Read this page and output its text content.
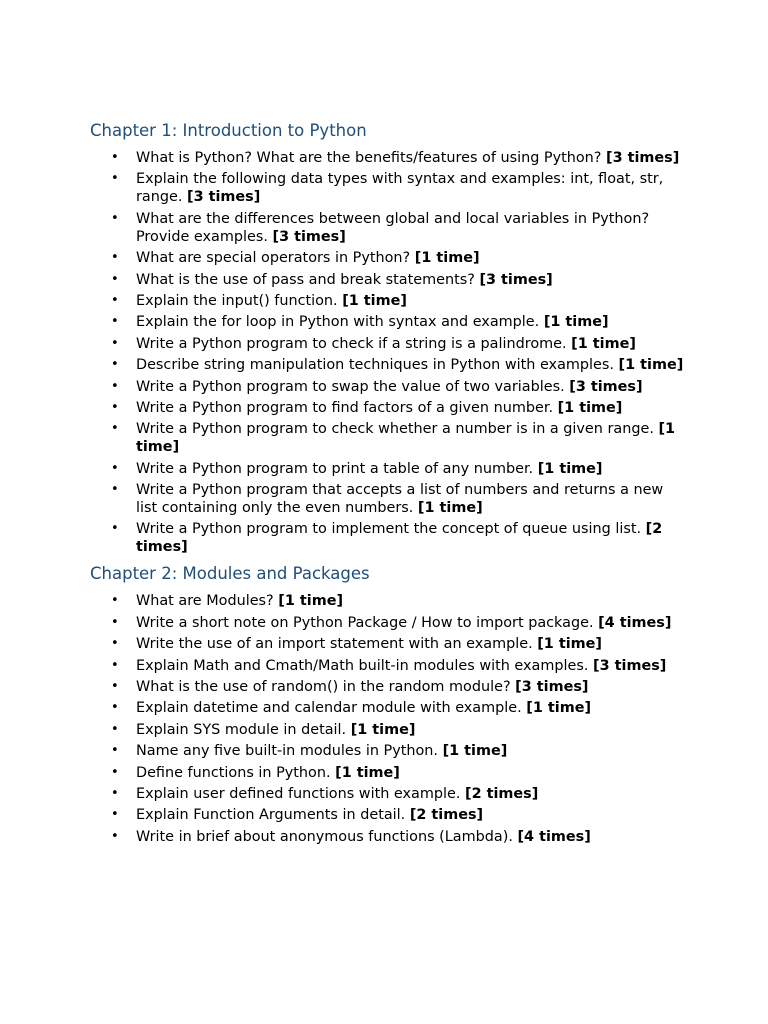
Chapter 1: Introduction to Python
• What is Python? What are the benefits/features of using Python? [3 times]
• Explain the following data types with syntax and examples: int, float, str, range. [3 times]
• What are the differences between global and local variables in Python? Provide examples. [3 times]
• What are special operators in Python? [1 time]
• What is the use of pass and break statements? [3 times]
• Explain the input() function. [1 time]
• Explain the for loop in Python with syntax and example. [1 time]
• Write a Python program to check if a string is a palindrome. [1 time]
• Describe string manipulation techniques in Python with examples. [1 time]
• Write a Python program to swap the value of two variables. [3 times]
• Write a Python program to find factors of a given number. [1 time]
• Write a Python program to check whether a number is in a given range. [1 time]
• Write a Python program to print a table of any number. [1 time]
• Write a Python program that accepts a list of numbers and returns a new list containing only the even numbers. [1 time]
• Write a Python program to implement the concept of queue using list. [2 times]
Chapter 2: Modules and Packages
• What are Modules? [1 time]
• Write a short note on Python Package / How to import package. [4 times]
• Write the use of an import statement with an example. [1 time]
• Explain Math and Cmath/Math built-in modules with examples. [3 times]
• What is the use of random() in the random module? [3 times]
• Explain datetime and calendar module with example. [1 time]
• Explain SYS module in detail. [1 time]
• Name any five built-in modules in Python. [1 time]
• Define functions in Python. [1 time]
• Explain user defined functions with example. [2 times]
• Explain Function Arguments in detail. [2 times]
• Write in brief about anonymous functions (Lambda). [4 times]
